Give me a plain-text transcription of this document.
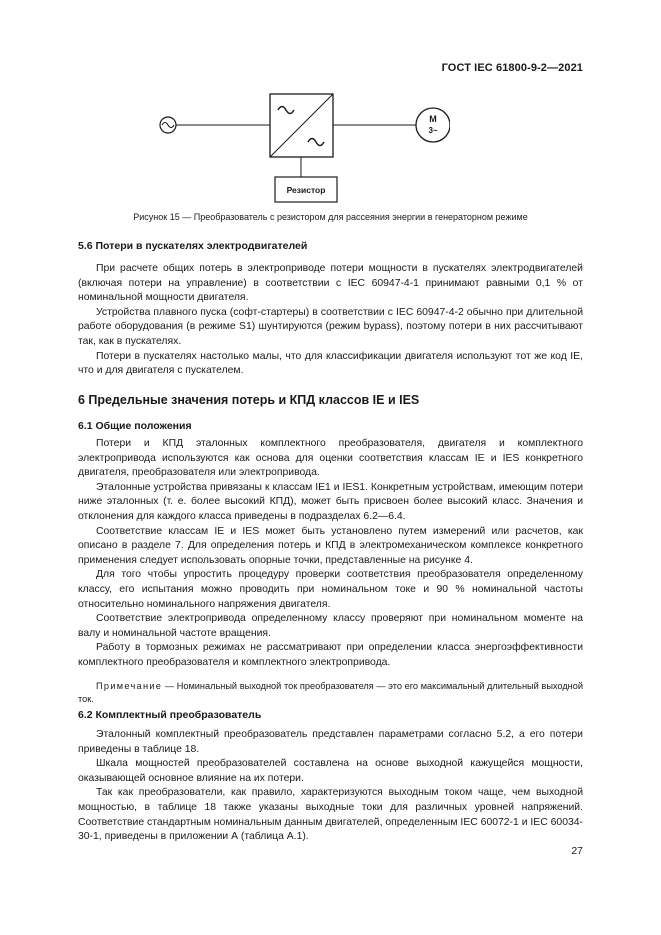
ГОСТ IEC 61800-9-2—2021
M
3~
Резистор
Рисунок 15 — Преобразователь с резистором для рассеяния энергии в генераторном режиме

5.6 Потери в пускателях электродвигателей

При расчете общих потерь в электроприводе потери мощности в пускателях электродвигателей (включая потери на управление) в соответствии с IEC 60947-4-1 принимают равными 0,1 % от номинальной мощности двигателя.

Устройства плавного пуска (софт-стартеры) в соответствии с IEC 60947-4-2 обычно при длительной работе оборудования (в режиме S1) шунтируются (режим bypass), поэтому потери в них рассчитывают так, как в пускателях.

Потери в пускателях настолько малы, что для классификации двигателя используют тот же код IE, что и для двигателя с пускателем.

6 Предельные значения потерь и КПД классов IE и IES

6.1 Общие положения

Потери и КПД эталонных комплектного преобразователя, двигателя и комплектного электропривода используются как основа для оценки соответствия классам IE и IES конкретного двигателя, преобразователя или электропривода.

Эталонные устройства привязаны к классам IE1 и IES1. Конкретным устройствам, имеющим потери ниже эталонных (т. е. более высокий КПД), может быть присвоен более высокий класс. Значения и отклонения для каждого класса приведены в подразделах 6.2—6.4.

Соответствие классам IE и IES может быть установлено путем измерений или расчетов, как описано в разделе 7. Для определения потерь и КПД в электромеханическом комплексе конкретного применения следует использовать опорные точки, представленные на рисунке 4.

Для того чтобы упростить процедуру проверки соответствия преобразователя определенному классу, его испытания можно проводить при номинальном токе и 90 % номинальной частоты относительно номинального напряжения двигателя.

Соответствие электропривода определенному классу проверяют при номинальном моменте на валу и номинальной частоте вращения.

Работу в тормозных режимах не рассматривают при определении класса энергоэффективности комплектного преобразователя и комплектного электропривода.

Примечание — Номинальный выходной ток преобразователя — это его максимальный длительный выходной ток.

6.2 Комплектный преобразователь

Эталонный комплектный преобразователь представлен параметрами согласно 5.2, а его потери приведены в таблице 18.

Шкала мощностей преобразователей составлена на основе выходной кажущейся мощности, оказывающей основное влияние на их потери.

Так как преобразователи, как правило, характеризуются выходным током чаще, чем выходной мощностью, в таблице 18 также указаны выходные токи для различных уровней напряжений. Соответствие стандартным номинальным данным двигателей, определенным IEC 60072-1 и IEC 60034-30-1, приведены в приложении А (таблица А.1).

27
